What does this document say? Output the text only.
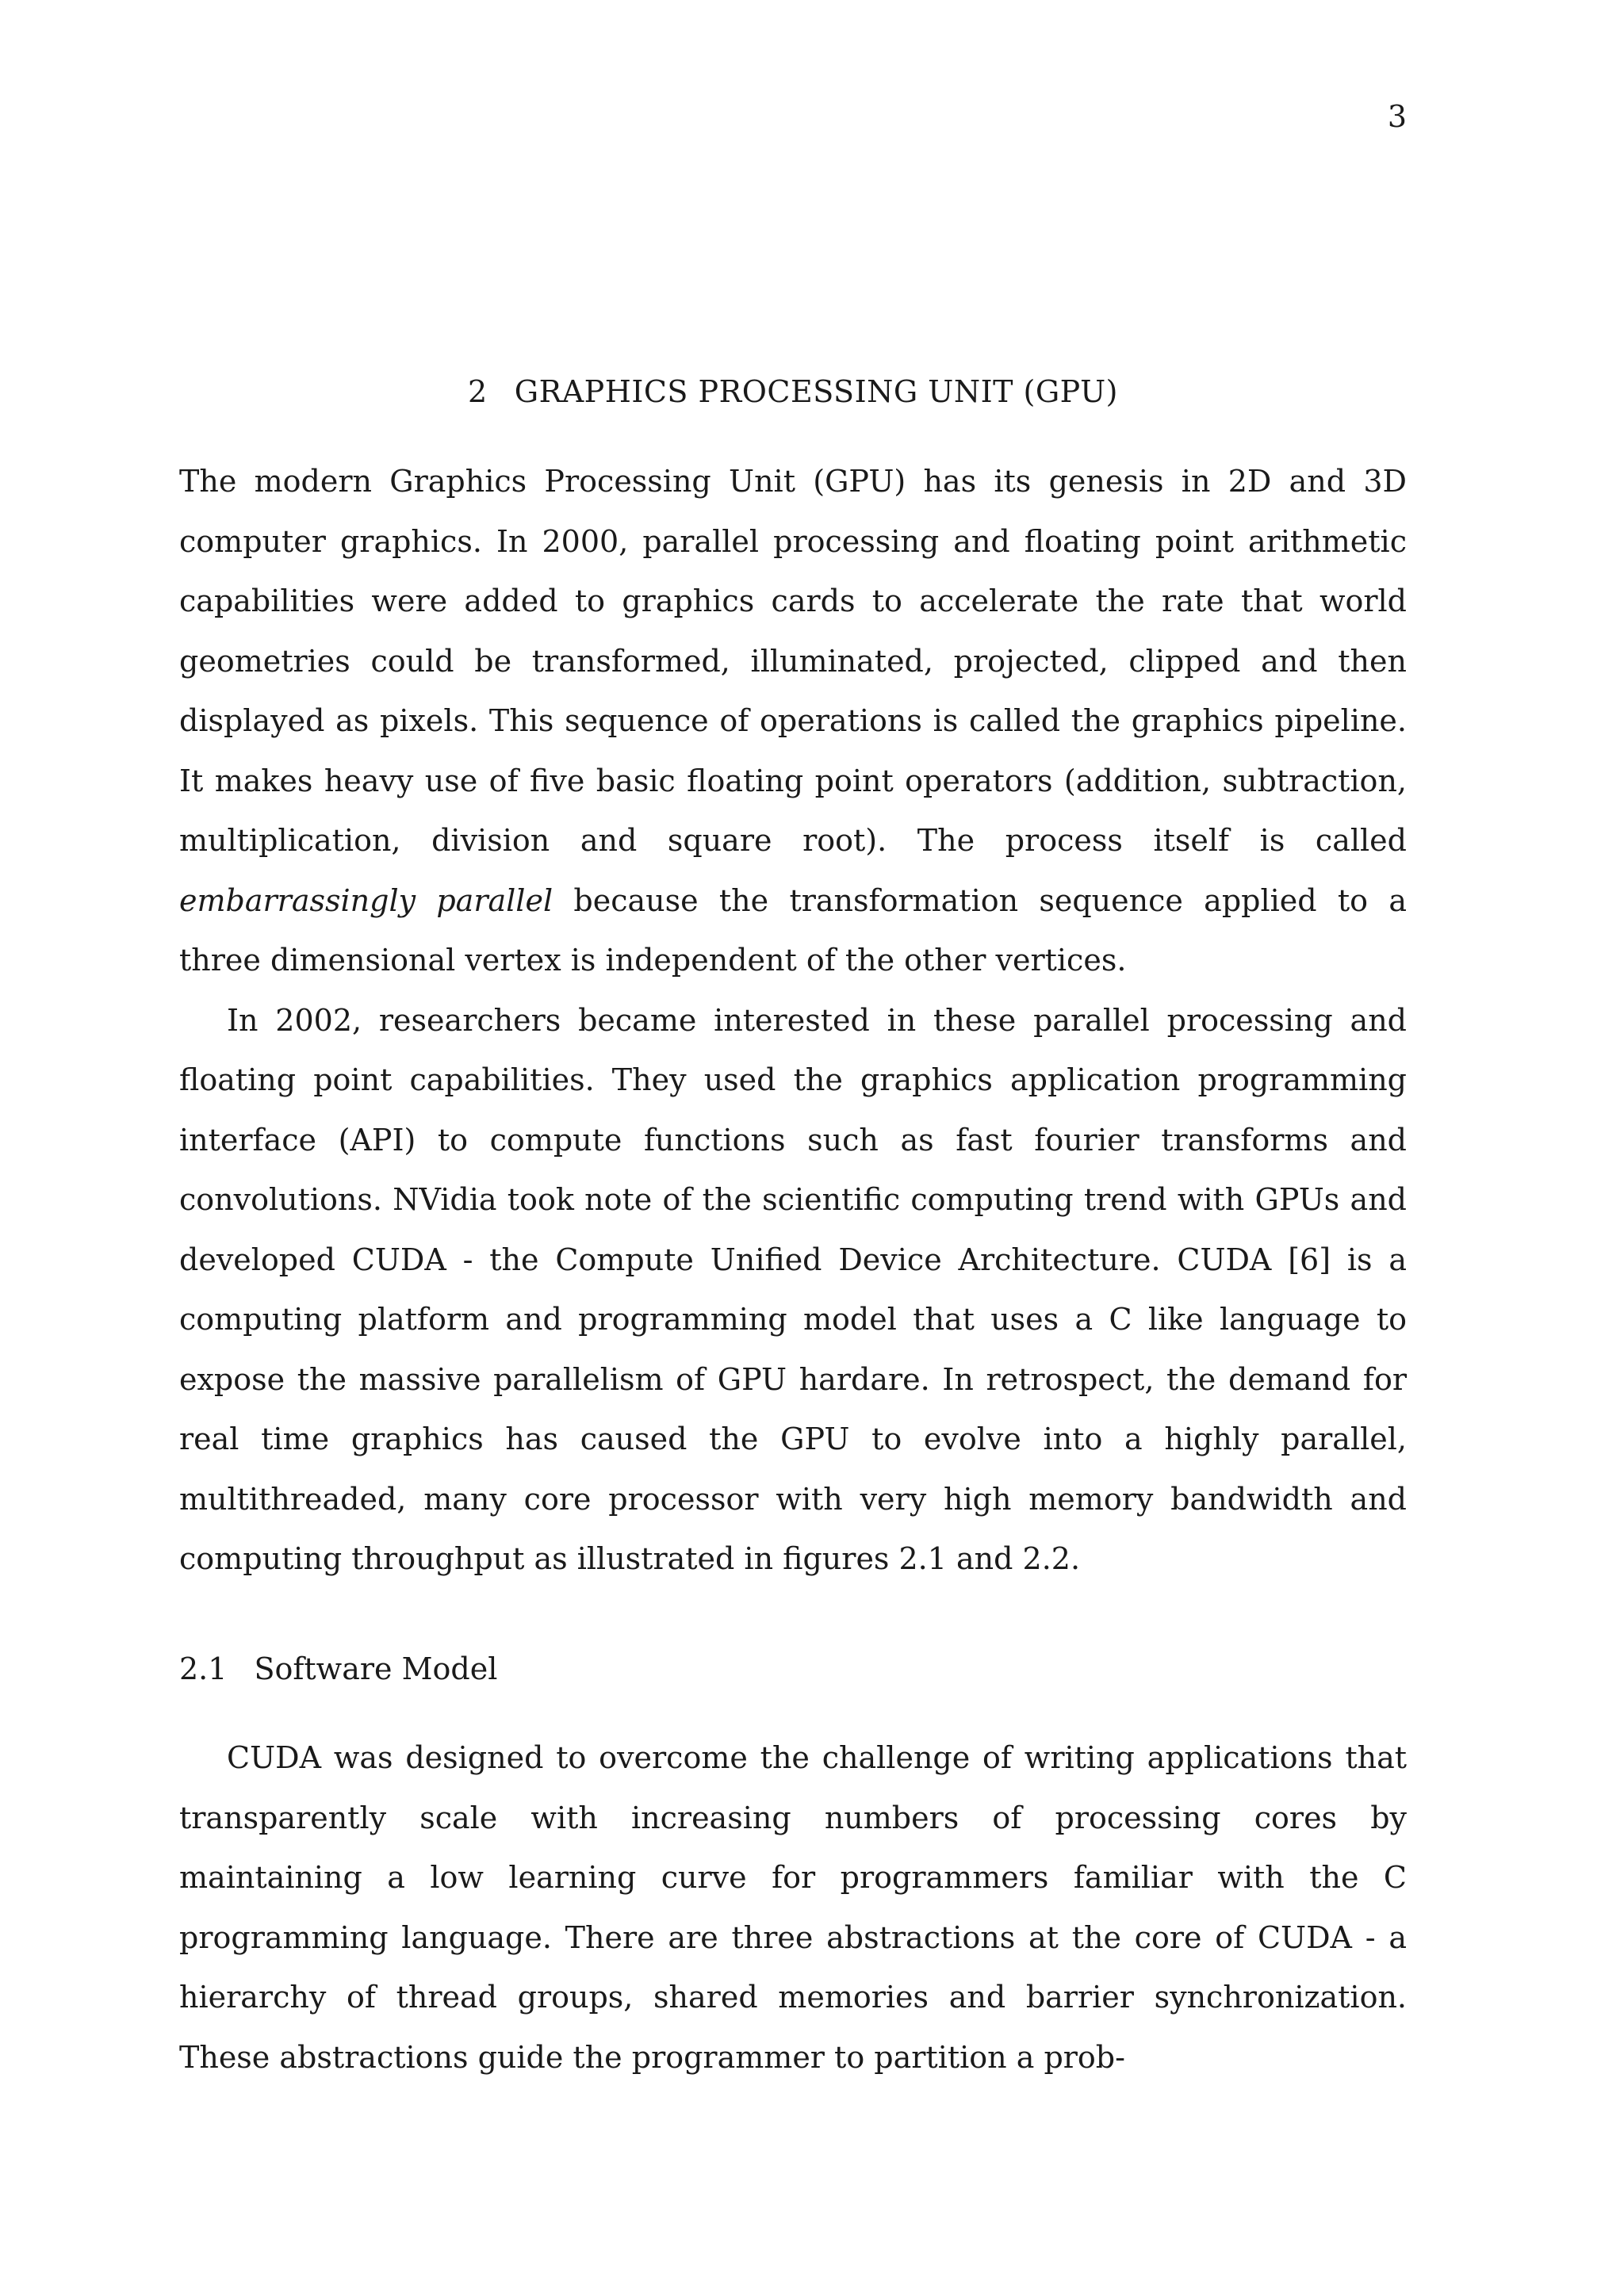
3
2 GRAPHICS PROCESSING UNIT (GPU)

The modern Graphics Processing Unit (GPU) has its genesis in 2D and 3D computer graphics. In 2000, parallel processing and floating point arithmetic capabilities were added to graphics cards to accelerate the rate that world geometries could be transformed, illuminated, projected, clipped and then displayed as pixels. This sequence of operations is called the graphics pipeline. It makes heavy use of five basic floating point operators (addition, subtraction, multiplication, division and square root). The process itself is called embarrassingly parallel because the transformation sequence applied to a three dimensional vertex is independent of the other vertices.

In 2002, researchers became interested in these parallel processing and floating point capabilities. They used the graphics application programming interface (API) to compute functions such as fast fourier transforms and convolutions. NVidia took note of the scientific computing trend with GPUs and developed CUDA - the Compute Unified Device Architecture. CUDA [6] is a computing platform and programming model that uses a C like language to expose the massive parallelism of GPU hardare. In retrospect, the demand for real time graphics has caused the GPU to evolve into a highly parallel, multithreaded, many core processor with very high memory bandwidth and computing throughput as illustrated in figures 2.1 and 2.2.

2.1 Software Model

CUDA was designed to overcome the challenge of writing applications that transparently scale with increasing numbers of processing cores by maintaining a low learning curve for programmers familiar with the C programming language. There are three abstractions at the core of CUDA - a hierarchy of thread groups, shared memories and barrier synchronization. These abstractions guide the programmer to partition a prob-
